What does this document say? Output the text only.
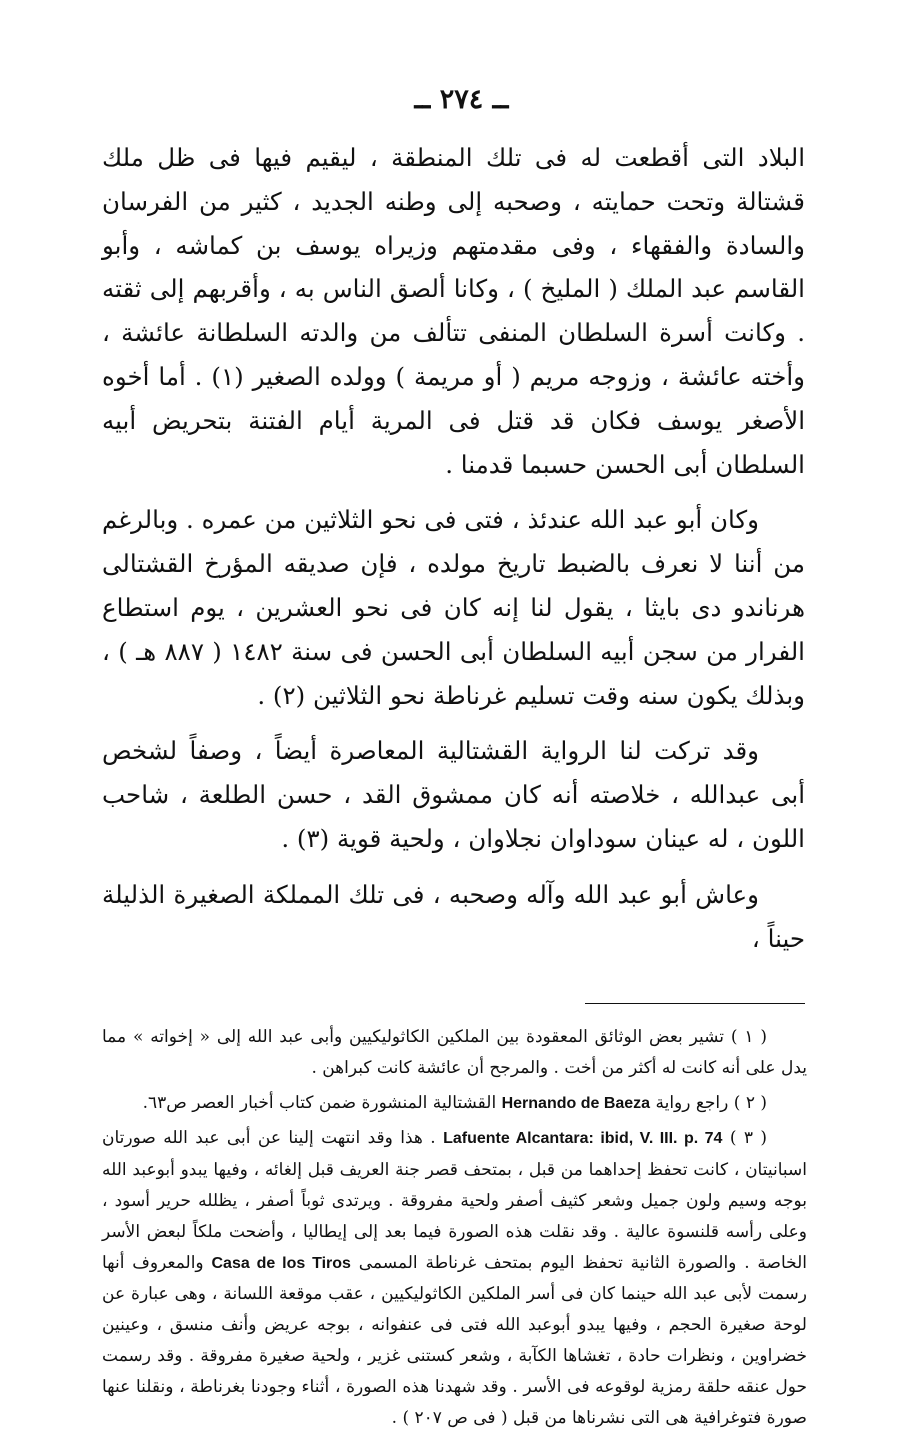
ــ ٢٧٤ ــ

البلاد التى أقطعت له فى تلك المنطقة ، ليقيم فيها فى ظل ملك قشتالة وتحت حمايته ، وصحبه إلى وطنه الجديد ، كثير من الفرسان والسادة والفقهاء ، وفى مقدمتهم وزيراه يوسف بن كماشه ، وأبو القاسم عبد الملك ( المليخ ) ، وكانا ألصق الناس به ، وأقربهم إلى ثقته . وكانت أسرة السلطان المنفى تتألف من والدته السلطانة عائشة ، وأخته عائشة ، وزوجه مريم ( أو مريمة ) وولده الصغير (١) . أما أخوه الأصغر يوسف فكان قد قتل فى المرية أيام الفتنة بتحريض أبيه السلطان أبى الحسن حسبما قدمنا .

وكان أبو عبد الله عندئذ ، فتى فى نحو الثلاثين من عمره . وبالرغم من أننا لا نعرف بالضبط تاريخ مولده ، فإن صديقه المؤرخ القشتالى هرناندو دى بايثا ، يقول لنا إنه كان فى نحو العشرين ، يوم استطاع الفرار من سجن أبيه السلطان أبى الحسن فى سنة ١٤٨٢ ( ٨٨٧ هـ ) ، وبذلك يكون سنه وقت تسليم غرناطة نحو الثلاثين (٢) .

وقد تركت لنا الرواية القشتالية المعاصرة أيضاً ، وصفاً لشخص أبى عبدالله ، خلاصته أنه كان ممشوق القد ، حسن الطلعة ، شاحب اللون ، له عينان سوداوان نجلاوان ، ولحية قوية (٣) .

وعاش أبو عبد الله وآله وصحبه ، فى تلك المملكة الصغيرة الذليلة حيناً ،

( ١ ) تشير بعض الوثائق المعقودة بين الملكين الكاثوليكيين وأبى عبد الله إلى « إخواته » مما يدل على أنه كانت له أكثر من أخت . والمرجح أن عائشة كانت كبراهن .

( ٢ ) راجع رواية Hernando de Baeza القشتالية المنشورة ضمن كتاب أخبار العصر ص٦٣.

( ٣ ) Lafuente Alcantara: ibid, V. III. p. 74 . هذا وقد انتهت إلينا عن أبى عبد الله صورتان اسبانيتان ، كانت تحفظ إحداهما من قبل ، بمتحف قصر جنة العريف قبل إلغائه ، وفيها يبدو أبوعبد الله بوجه وسيم ولون جميل وشعر كثيف أصفر ولحية مفروقة . ويرتدى ثوباً أصفر ، يظلله حرير أسود ، وعلى رأسه قلنسوة عالية . وقد نقلت هذه الصورة فيما بعد إلى إيطاليا ، وأضحت ملكاً لبعض الأسر الخاصة . والصورة الثانية تحفظ اليوم بمتحف غرناطة المسمى Casa de los Tiros والمعروف أنها رسمت لأبى عبد الله حينما كان فى أسر الملكين الكاثوليكيين ، عقب موقعة اللسانة ، وهى عبارة عن لوحة صغيرة الحجم ، وفيها يبدو أبوعبد الله فتى فى عنفوانه ، بوجه عريض وأنف منسق ، وعينين خضراوين ، ونظرات حادة ، تغشاها الكآبة ، وشعر كستنى غزير ، ولحية صغيرة مفروقة . وقد رسمت حول عنقه حلقة رمزية لوقوعه فى الأسر . وقد شهدنا هذه الصورة ، أثناء وجودنا بغرناطة ، ونقلنا عنها صورة فتوغرافية هى التى نشرناها من قبل ( فى ص ٢٠٧ ) .
